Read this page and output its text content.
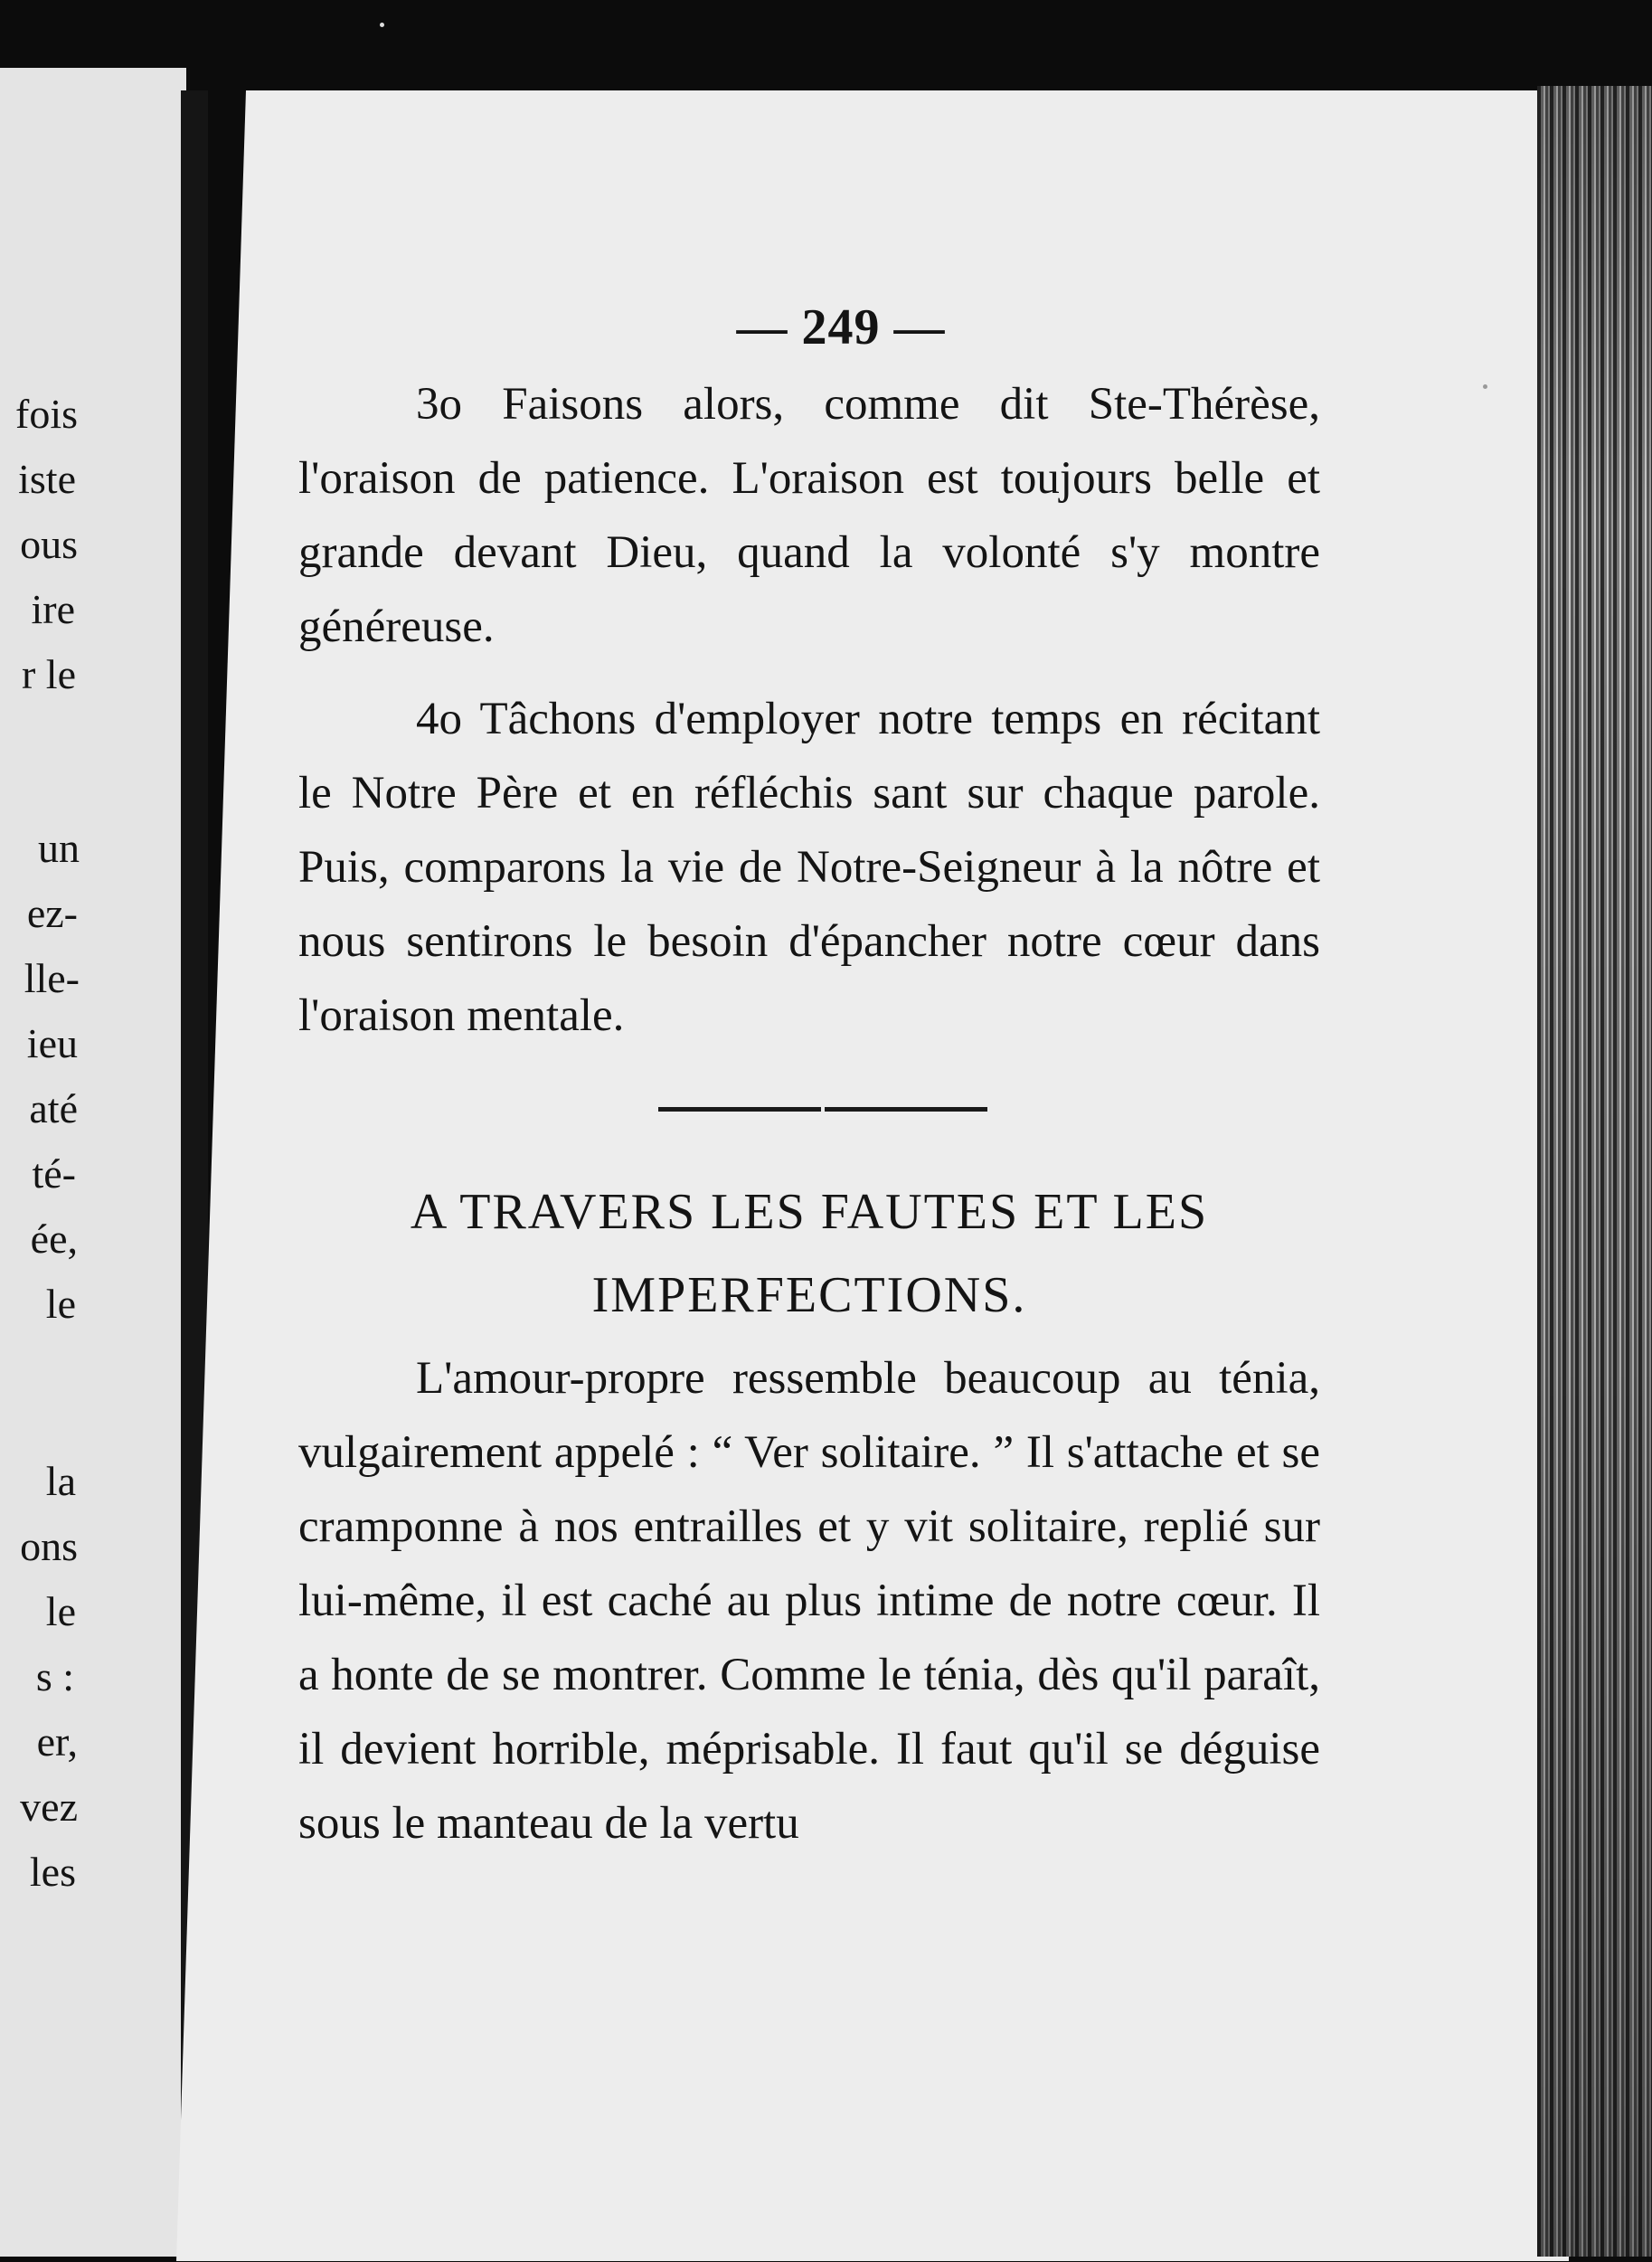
fois
iste
ous
ire
r le
un
ez-
lle-
ieu
até
té-
ée,
le
la
ons
le
s :
er,
vez
les
— 249 —

3o Faisons alors, comme dit Ste-Thérèse, l'oraison de patience. L'oraison est toujours belle et grande devant Dieu, quand la volonté s'y montre généreuse.

4o Tâchons d'employer notre temps en récitant le Notre Père et en réfléchis sant sur chaque parole. Puis, comparons la vie de Notre-Seigneur à la nôtre et nous sentirons le besoin d'épancher notre cœur dans l'oraison mentale.

A TRAVERS LES FAUTES ET LES
IMPERFECTIONS.

L'amour-propre ressemble beaucoup au ténia, vulgairement appelé : “ Ver solitaire. ” Il s'attache et se cramponne à nos entrailles et y vit solitaire, replié sur lui-même, il est caché au plus intime de notre cœur. Il a honte de se montrer. Comme le ténia, dès qu'il paraît, il devient horrible, méprisable. Il faut qu'il se déguise sous le manteau de la vertu
